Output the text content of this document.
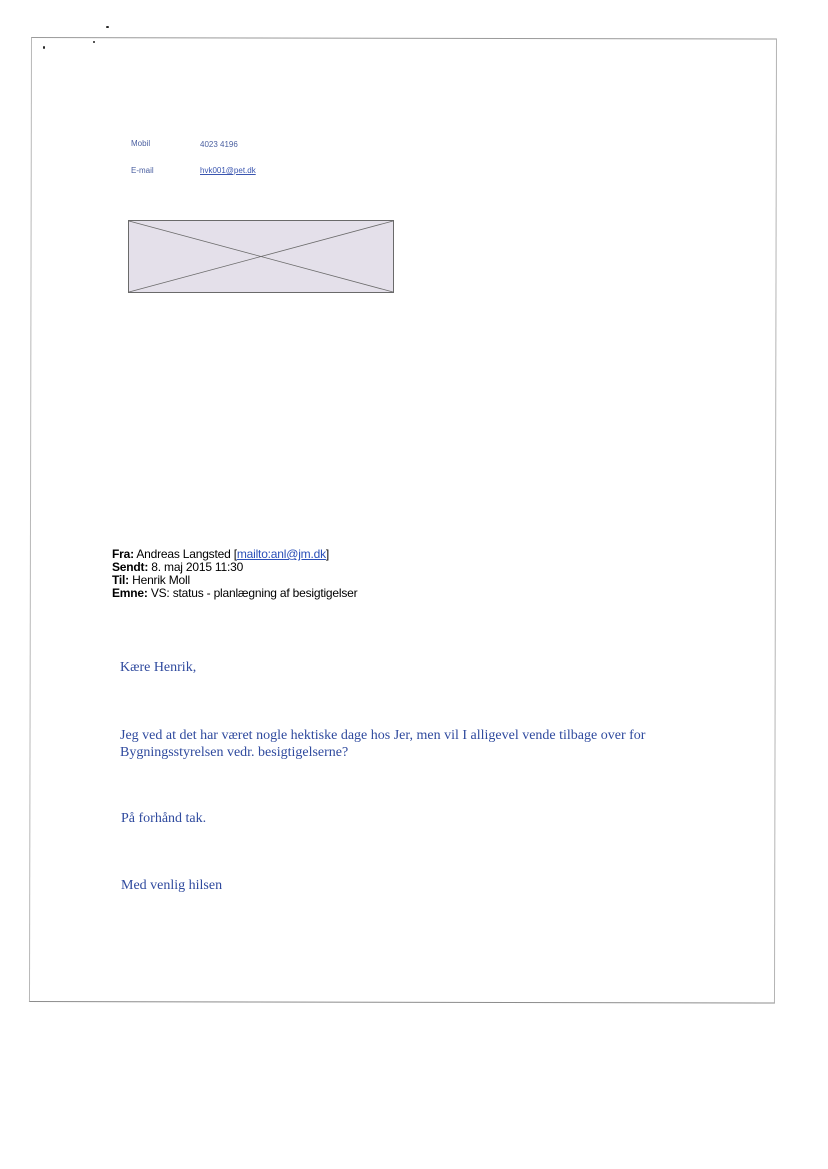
Mobil	4023 4196
E-mail	hvk001@pet.dk
Fra: Andreas Langsted [mailto:anl@jm.dk]
Sendt: 8. maj 2015 11:30
Til: Henrik Moll
Emne: VS: status - planlægning af besigtigelser
Kære Henrik,
Jeg ved at det har været nogle hektiske dage hos Jer, men vil I alligevel vende tilbage over for
Bygningsstyrelsen vedr. besigtigelserne?
På forhånd tak.
Med venlig hilsen
